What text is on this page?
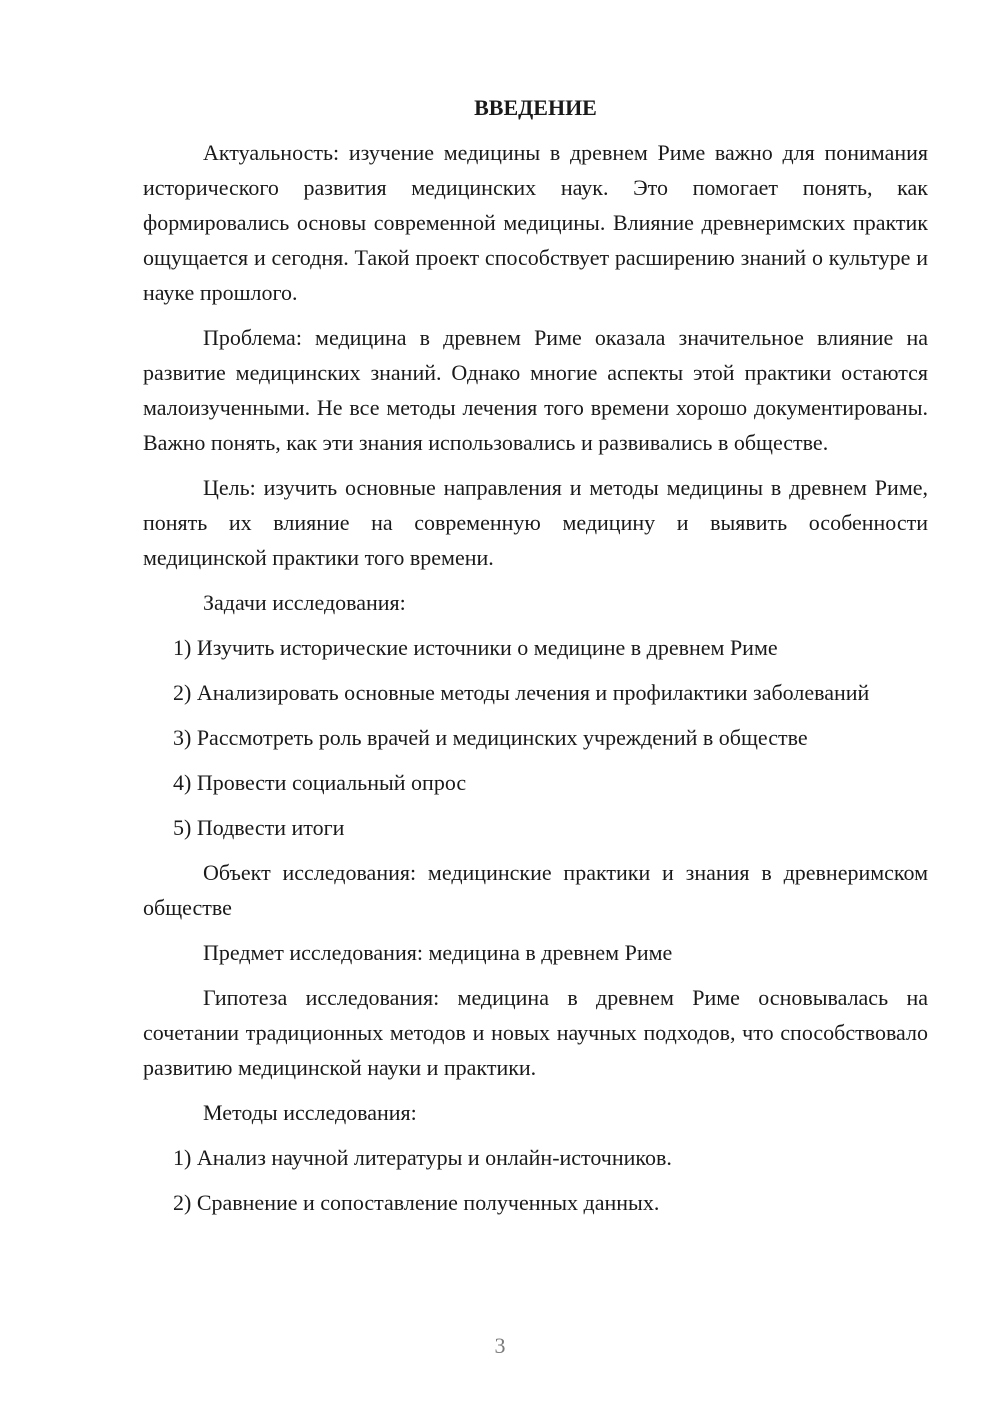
ВВЕДЕНИЕ

Актуальность: изучение медицины в древнем Риме важно для понимания исторического развития медицинских наук. Это помогает понять, как формировались основы современной медицины. Влияние древнеримских практик ощущается и сегодня. Такой проект способствует расширению знаний о культуре и науке прошлого.

Проблема: медицина в древнем Риме оказала значительное влияние на развитие медицинских знаний. Однако многие аспекты этой практики остаются малоизученными. Не все методы лечения того времени хорошо документированы. Важно понять, как эти знания использовались и развивались в обществе.

Цель: изучить основные направления и методы медицины в древнем Риме, понять их влияние на современную медицину и выявить особенности медицинской практики того времени.

Задачи исследования:

1) Изучить исторические источники о медицине в древнем Риме

2) Анализировать основные методы лечения и профилактики заболеваний

3) Рассмотреть роль врачей и медицинских учреждений в обществе

4) Провести социальный опрос

5) Подвести итоги

Объект исследования: медицинские практики и знания в древнеримском обществе

Предмет исследования: медицина в древнем Риме

Гипотеза исследования: медицина в древнем Риме основывалась на сочетании традиционных методов и новых научных подходов, что способствовало развитию медицинской науки и практики.

Методы исследования:

1) Анализ научной литературы и онлайн-источников.

2) Сравнение и сопоставление полученных данных.

3
